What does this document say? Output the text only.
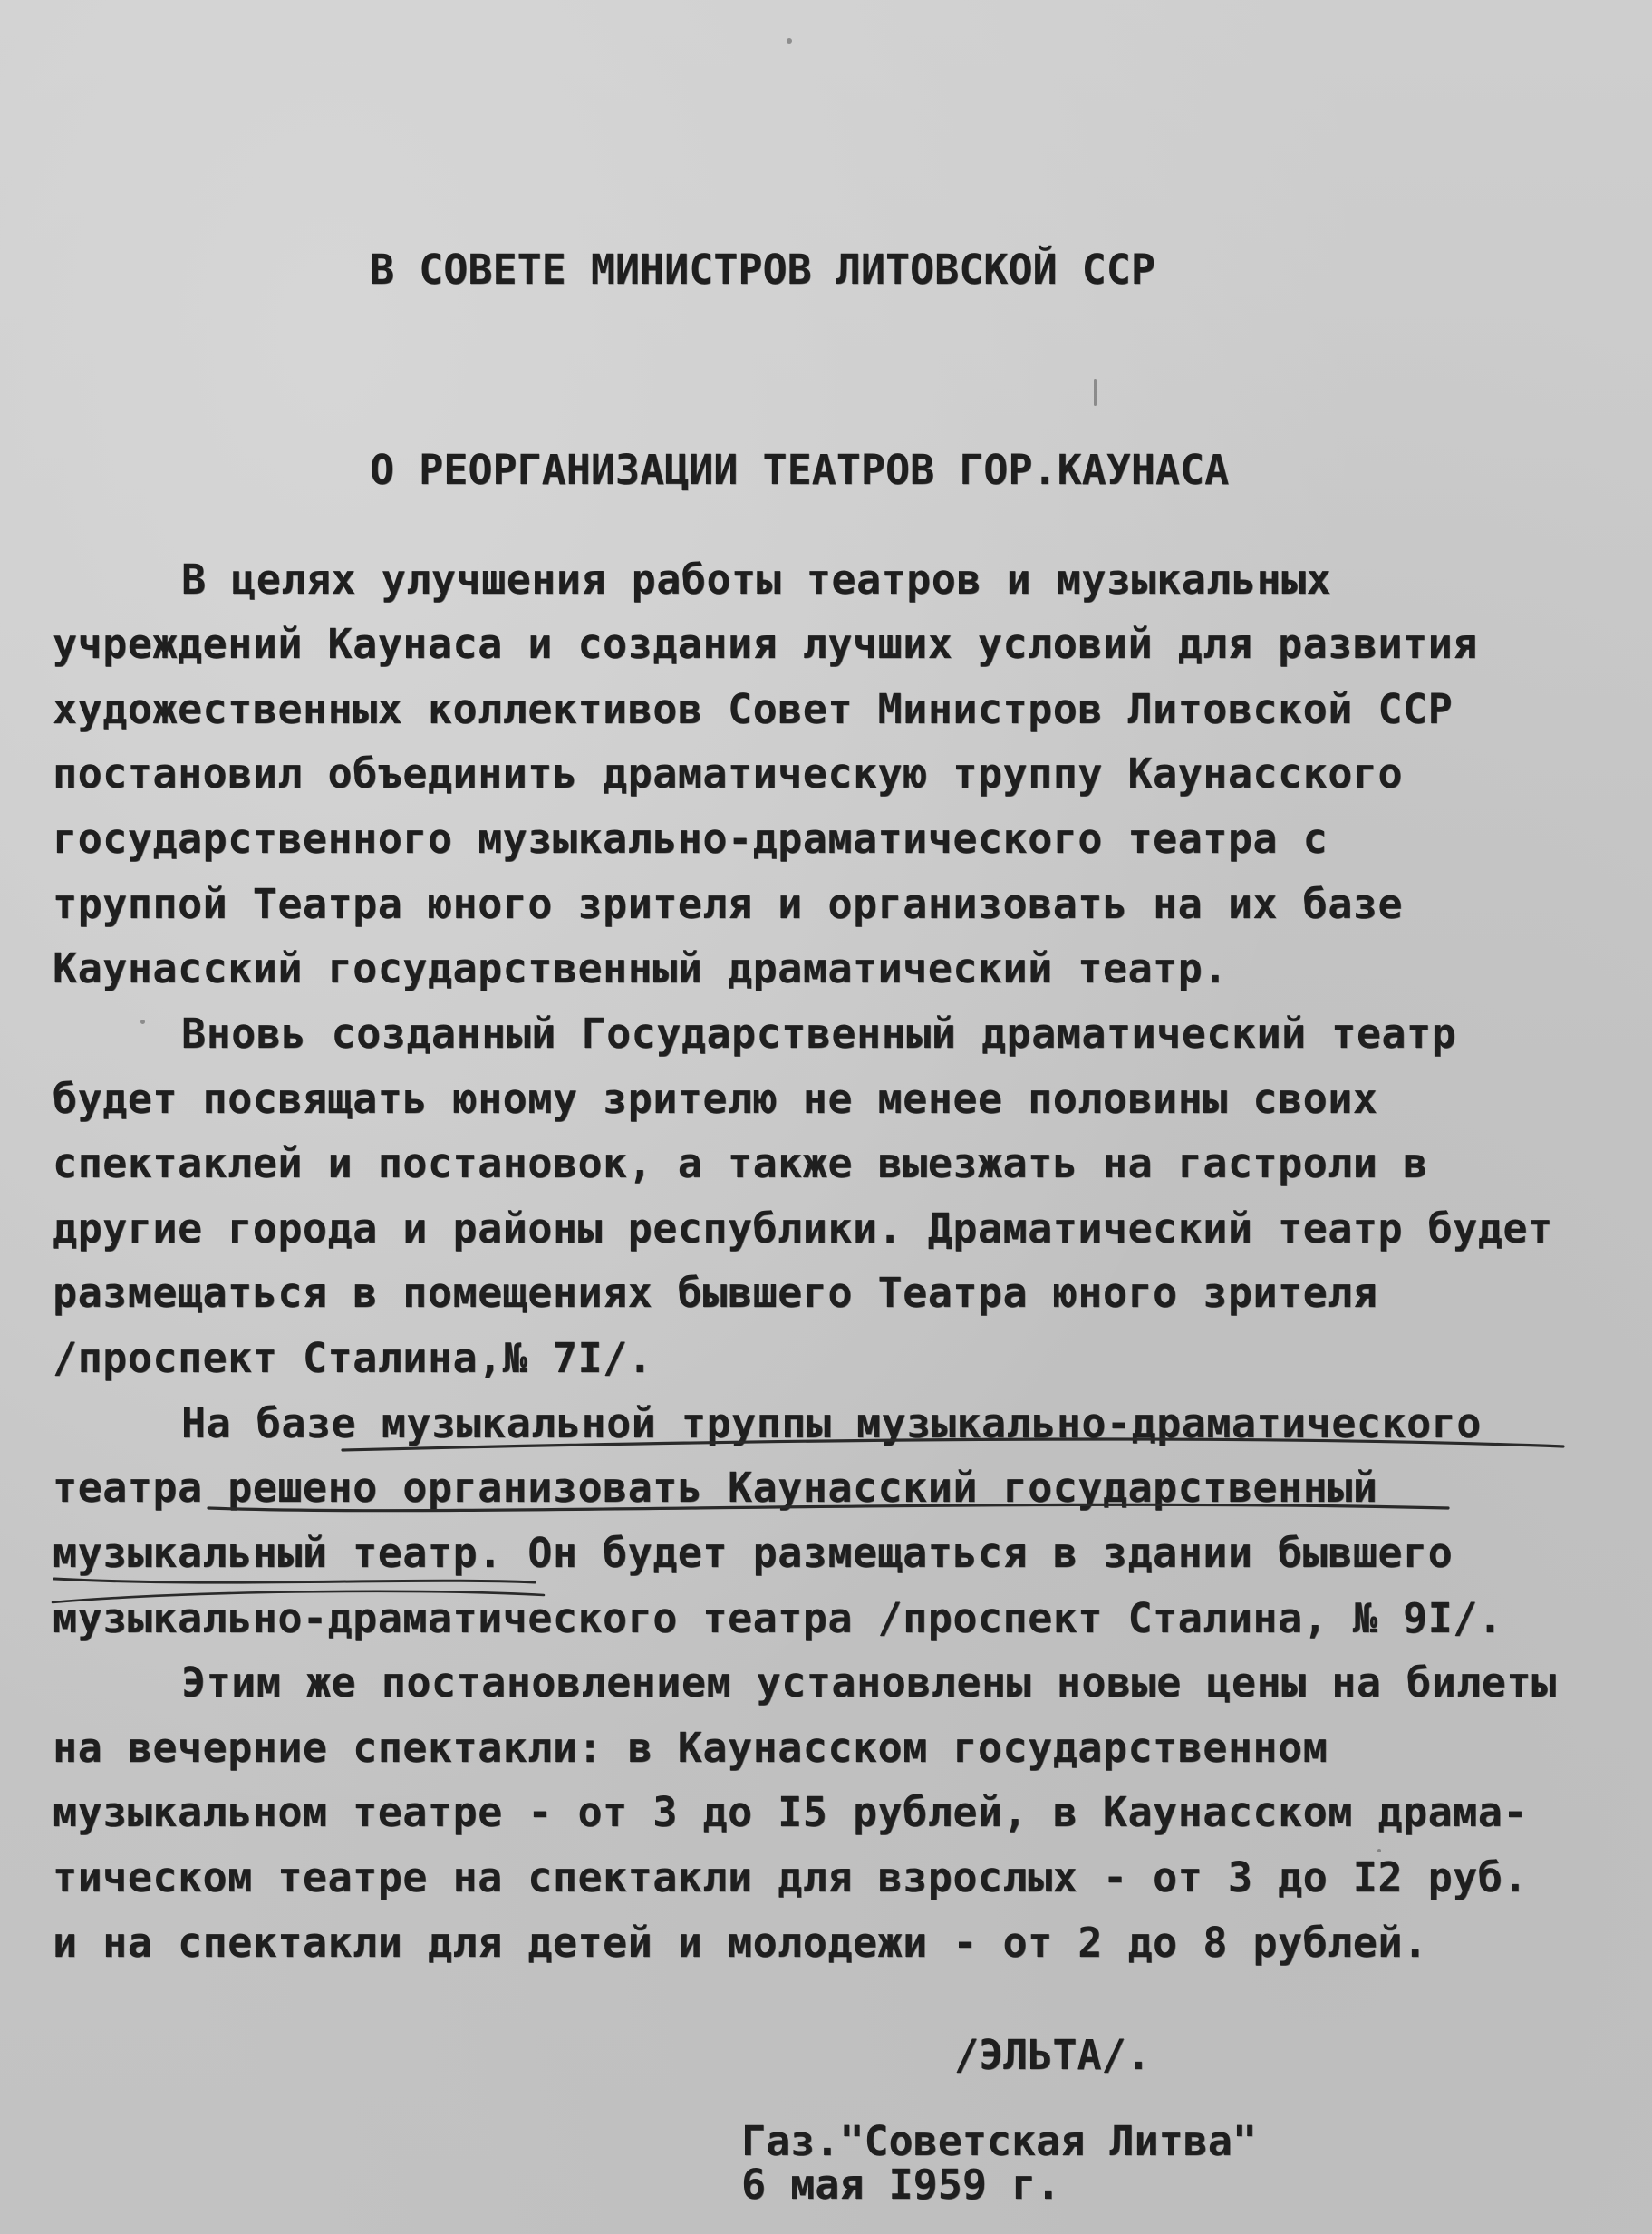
В СОВЕТЕ МИНИСТРОВ ЛИТОВСКОЙ ССР
О РЕОРГАНИЗАЦИИ ТЕАТРОВ ГОР.КАУНАСА
В целях улучшения работы театров и музыкальных
учреждений Каунаса и создания лучших условий для развития
художественных коллективов Совет Министров Литовской ССР
постановил объединить драматическую труппу Каунасского
государственного музыкально-драматического театра с
труппой Театра юного зрителя и организовать на их базе
Каунасский государственный драматический театр.
Вновь созданный Государственный драматический театр
будет посвящать юному зрителю не менее половины своих
спектаклей и постановок, а также выезжать на гастроли в
другие города и районы республики. Драматический театр будет
размещаться в помещениях бывшего Театра юного зрителя
/проспект Сталина,№ 7I/.
На базе музыкальной труппы музыкально-драматического
театра решено организовать Каунасский государственный
музыкальный театр. Он будет размещаться в здании бывшего
музыкально-драматического театра /проспект Сталина, № 9I/.
Этим же постановлением установлены новые цены на билеты
на вечерние спектакли: в Каунасском государственном
музыкальном театре - от 3 до I5 рублей, в Каунасском драма-
тическом театре на спектакли для взрослых - от 3 до I2 руб.
и на спектакли для детей и молодежи - от 2 до 8 рублей.
/ЭЛЬТА/.
Газ."Советская Литва"
6 мая I959 г.
